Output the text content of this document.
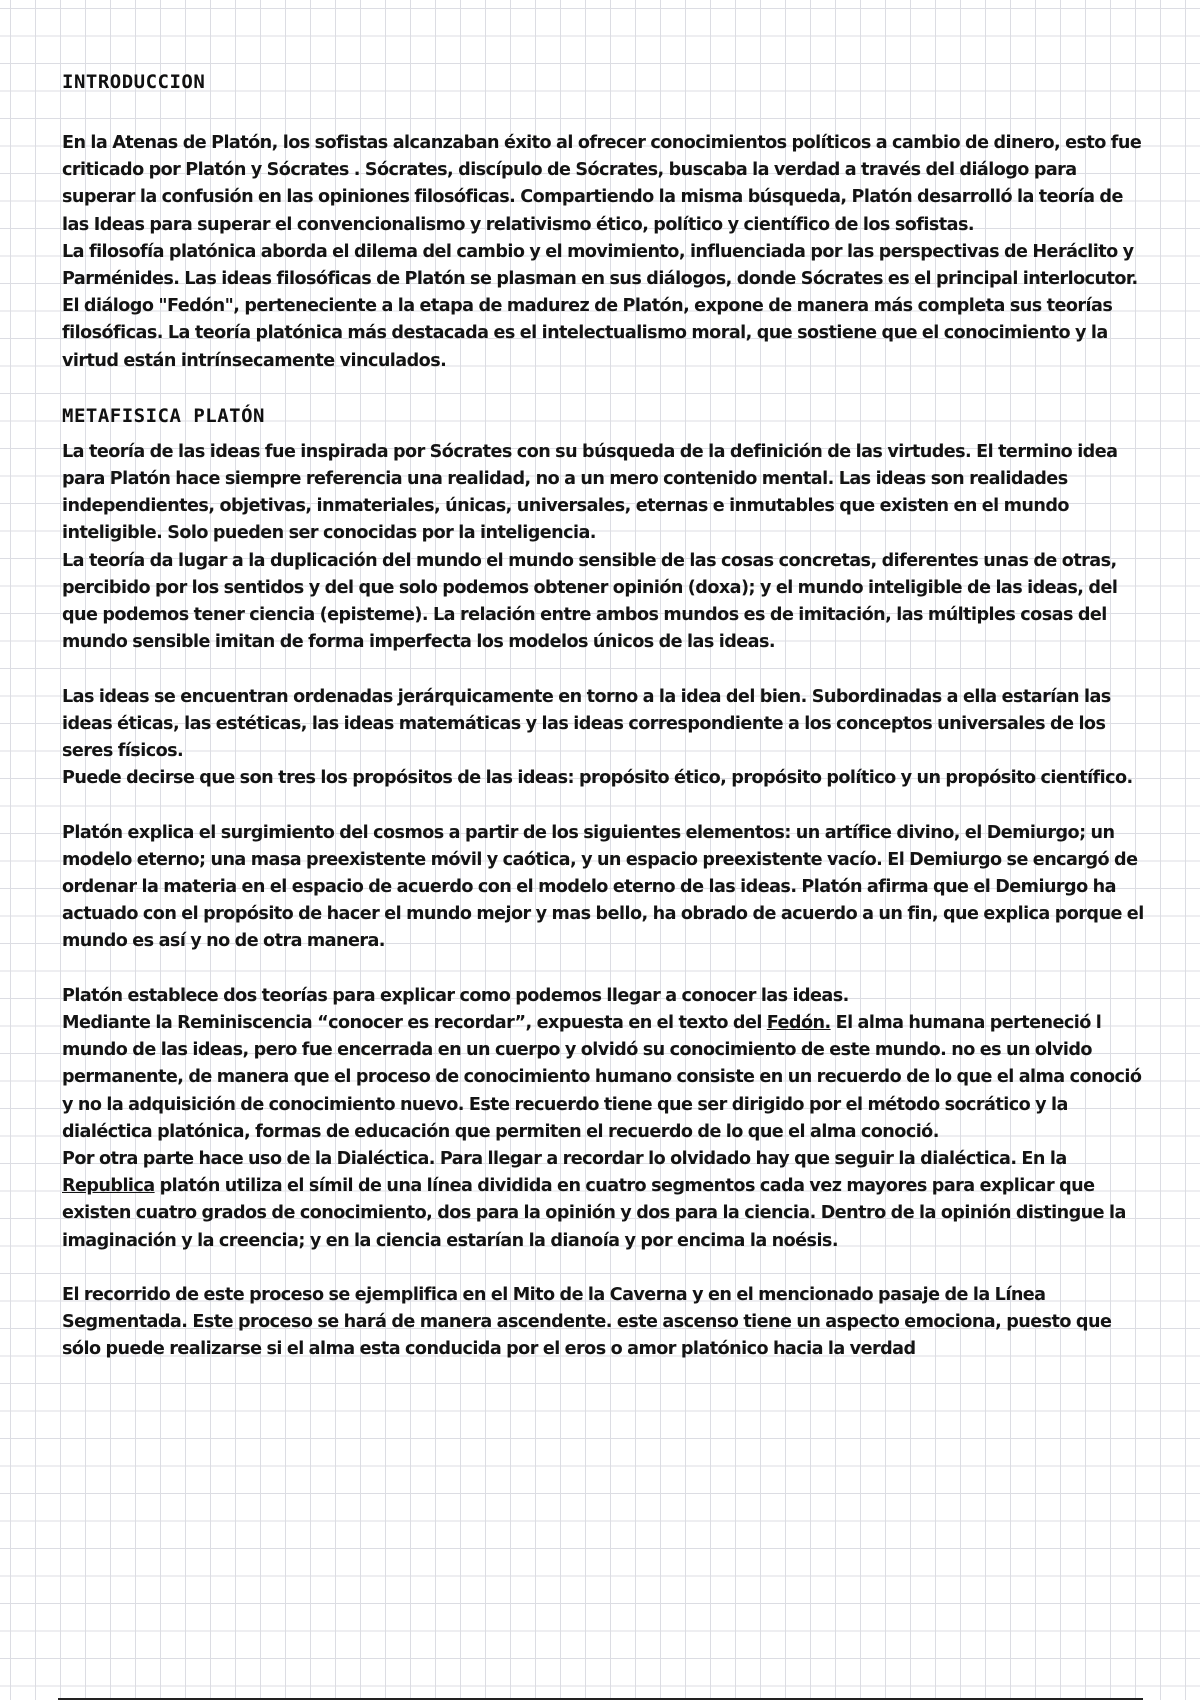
INTRODUCCION

En la Atenas de Platón, los sofistas alcanzaban éxito al ofrecer conocimientos políticos a cambio de dinero, esto fue criticado por Platón y Sócrates . Sócrates, discípulo de Sócrates, buscaba la verdad a través del diálogo para superar la confusión en las opiniones filosóficas. Compartiendo la misma búsqueda, Platón desarrolló la teoría de las Ideas para superar el convencionalismo y relativismo ético, político y científico de los sofistas.

La filosofía platónica aborda el dilema del cambio y el movimiento, influenciada por las perspectivas de Heráclito y Parménides. Las ideas filosóficas de Platón se plasman en sus diálogos, donde Sócrates es el principal interlocutor.

El diálogo "Fedón", perteneciente a la etapa de madurez de Platón, expone de manera más completa sus teorías filosóficas. La teoría platónica más destacada es el intelectualismo moral, que sostiene que el conocimiento y la virtud están intrínsecamente vinculados.

METAFISICA PLATÓN

La teoría de las ideas fue inspirada por Sócrates con su búsqueda de la definición de las virtudes. El termino idea para Platón hace siempre referencia una realidad, no a un mero contenido mental. Las ideas son realidades independientes, objetivas, inmateriales, únicas, universales, eternas e inmutables que existen en el mundo inteligible. Solo pueden ser conocidas por la inteligencia.

La teoría da lugar a la duplicación del mundo el mundo sensible de las cosas concretas, diferentes unas de otras, percibido por los sentidos y del que solo podemos obtener opinión (doxa); y el mundo inteligible de las ideas, del que podemos tener ciencia (episteme). La relación entre ambos mundos es de imitación, las múltiples cosas del mundo sensible imitan de forma imperfecta los modelos únicos de las ideas.

Las ideas se encuentran ordenadas jerárquicamente en torno a la idea del bien. Subordinadas a ella estarían las ideas éticas, las estéticas, las ideas matemáticas y las ideas correspondiente a los conceptos universales de los seres físicos.

Puede decirse que son tres los propósitos de las ideas: propósito ético, propósito político y un propósito científico.

Platón explica el surgimiento del cosmos a partir de los siguientes elementos: un artífice divino, el Demiurgo; un modelo eterno; una masa preexistente móvil y caótica, y un espacio preexistente vacío. El Demiurgo se encargó de ordenar la materia en el espacio de acuerdo con el modelo eterno de las ideas. Platón afirma que el Demiurgo ha actuado con el propósito de hacer el mundo mejor y mas bello, ha obrado de acuerdo a un fin, que explica porque el mundo es así y no de otra manera.

Platón establece dos teorías para explicar como podemos llegar a conocer las ideas.

Mediante la Reminiscencia “conocer es recordar”, expuesta en el texto del Fedón. El alma humana perteneció l mundo de las ideas, pero fue encerrada en un cuerpo y olvidó su conocimiento de este mundo. no es un olvido permanente, de manera que el proceso de conocimiento humano consiste en un recuerdo de lo que el alma conoció y no la adquisición de conocimiento nuevo. Este recuerdo tiene que ser dirigido por el método socrático y la dialéctica platónica, formas de educación que permiten el recuerdo de lo que el alma conoció.

Por otra parte hace uso de la Dialéctica. Para llegar a recordar lo olvidado hay que seguir la dialéctica. En la Republica platón utiliza el símil de una línea dividida en cuatro segmentos cada vez mayores para explicar que existen cuatro grados de conocimiento, dos para la opinión y dos para la ciencia. Dentro de la opinión distingue la imaginación y la creencia; y en la ciencia estarían la dianoía y por encima la noésis.

El recorrido de este proceso se ejemplifica en el Mito de la Caverna y en el mencionado pasaje de la Línea Segmentada. Este proceso se hará de manera ascendente. este ascenso tiene un aspecto emociona, puesto que sólo puede realizarse si el alma esta conducida por el eros o amor platónico hacia la verdad
